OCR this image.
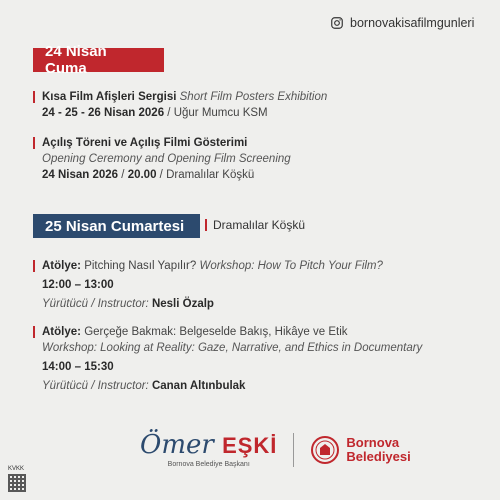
bornovakisafilmgunleri
24 Nisan Cuma
Kısa Film Afişleri Sergisi Short Film Posters Exhibition
24 - 25 - 26 Nisan 2026 / Uğur Mumcu KSM
Açılış Töreni ve Açılış Filmi Gösterimi
Opening Ceremony and Opening Film Screening
24 Nisan 2026 / 20.00 / Dramalılar Köşkü
25 Nisan Cumartesi Dramalılar Köşkü
Atölye: Pitching Nasıl Yapılır? Workshop: How To Pitch Your Film?
12:00 – 13:00
Yürütücü / Instructor: Nesli Özalp
Atölye: Gerçeğe Bakmak: Belgeselde Bakış, Hikâye ve Etik
Workshop: Looking at Reality: Gaze, Narrative, and Ethics in Documentary
14:00 – 15:30
Yürütücü / Instructor: Canan Altınbulak
Ömer EŞKİ
Bornova Belediye Başkanı
Bornova
Belediyesi
KVKK
